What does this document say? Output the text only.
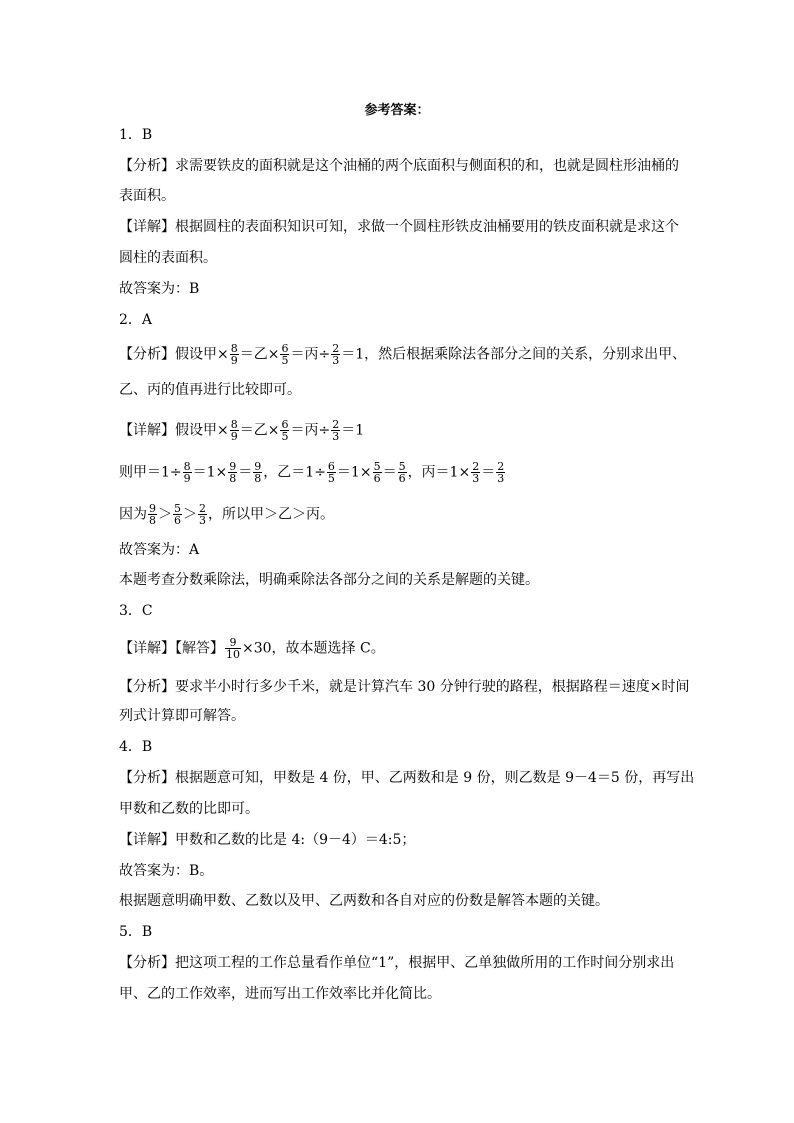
参考答案：
1．B
【分析】求需要铁皮的面积就是这个油桶的两个底面积与侧面积的和，也就是圆柱形油桶的
表面积。
【详解】根据圆柱的表面积知识可知，求做一个圆柱形铁皮油桶要用的铁皮面积就是求这个
圆柱的表面积。
故答案为：B
2．A
【分析】假设甲× $\frac{8}{9}$ ＝乙× $\frac{6}{5}$ ＝丙÷ $\frac{2}{3} =1$，然后根据乘除法各部分之间的关系，分别求出甲、
乙、丙的值再进行比较即可。
【详解】假设甲× $\frac{8}{9}$ ＝乙× $\frac{6}{5}$ ＝丙÷ $\frac{2}{3} =1$
则甲$=1\div \frac{8}{9} =1\times \frac{9}{8} = \frac{9}{8}$ ，乙$=1\div \frac{6}{5} =1\times \frac{5}{6} = \frac{5}{6}$ ，丙$=1\times \frac{2}{3} = \frac{2}{3}$
因为 $\frac{9}{8} > \frac{5}{6} > \frac{2}{3}$ ，所以甲＞乙＞丙。
故答案为：A
本题考查分数乘除法，明确乘除法各部分之间的关系是解题的关键。
3．C
【详解】【解答】 $\frac{9}{10} \times 30$，故本题选择 C。
【分析】要求半小时行多少千米，就是计算汽车 30 分钟行驶的路程，根据路程＝速度×时间
列式计算即可解答。
4．B
【分析】根据题意可知，甲数是 4 份，甲、乙两数和是 9 份，则乙数是 9－4＝5 份，再写出
甲数和乙数的比即可。
【详解】甲数和乙数的比是 4:（9－4）＝4:5；
故答案为：B。
根据题意明确甲数、乙数以及甲、乙两数和各自对应的份数是解答本题的关键。
5．B
【分析】把这项工程的工作总量看作单位“1”，根据甲、乙单独做所用的工作时间分别求出
甲、乙的工作效率，进而写出工作效率比并化简比。
